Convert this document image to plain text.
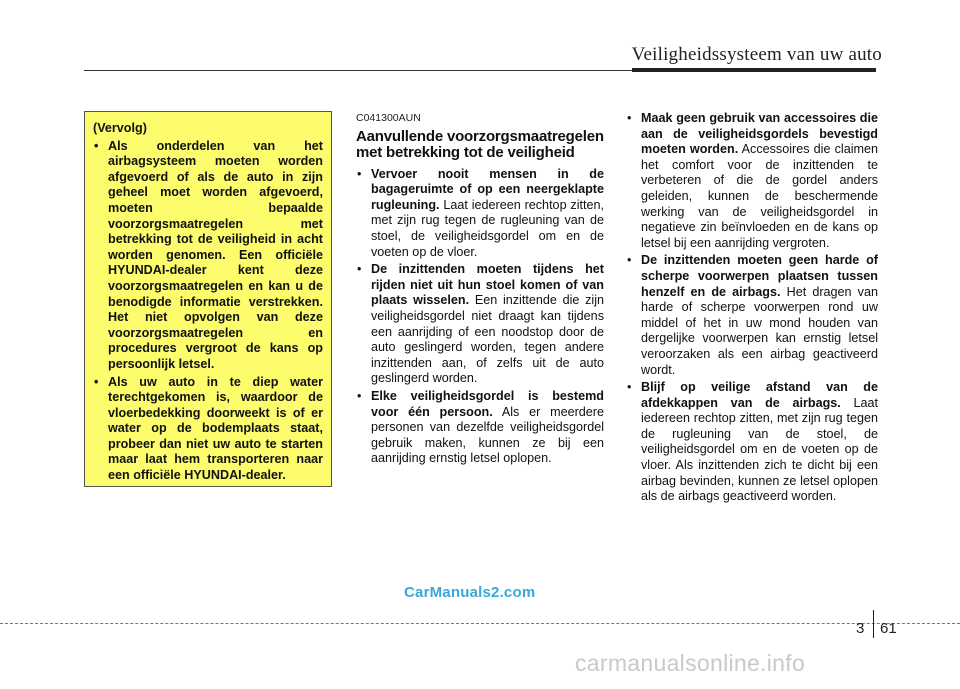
Veiligheidssysteem van uw auto
(Vervolg)
• Als onderdelen van het airbagsysteem moeten worden afgevoerd of als de auto in zijn geheel moet worden afgevoerd, moeten bepaalde voorzorgsmaatregelen met betrekking tot de veiligheid in acht worden genomen. Een officiële HYUNDAI-dealer kent deze voorzorgsmaatregelen en kan u de benodigde informatie verstrekken. Het niet opvolgen van deze voorzorgsmaatregelen en procedures vergroot de kans op persoonlijk letsel.
• Als uw auto in te diep water terechtgekomen is, waardoor de vloerbedekking doorweekt is of er water op de bodemplaats staat, probeer dan niet uw auto te starten maar laat hem transporteren naar een officiële HYUNDAI-dealer.
C041300AUN
Aanvullende voorzorgsmaatregelen met betrekking tot de veiligheid
• Vervoer nooit mensen in de bagageruimte of op een neergeklapte rugleuning. Laat iedereen rechtop zitten, met zijn rug tegen de rugleuning van de stoel, de veiligheidsgordel om en de voeten op de vloer.
• De inzittenden moeten tijdens het rijden niet uit hun stoel komen of van plaats wisselen. Een inzittende die zijn veiligheidsgordel niet draagt kan tijdens een aanrijding of een noodstop door de auto geslingerd worden, tegen andere inzittenden aan, of zelfs uit de auto geslingerd worden.
• Elke veiligheidsgordel is bestemd voor één persoon. Als er meerdere personen van dezelfde veiligheidsgordel gebruik maken, kunnen ze bij een aanrijding ernstig letsel oplopen.
• Maak geen gebruik van accessoires die aan de veiligheidsgordels bevestigd moeten worden. Accessoires die claimen het comfort voor de inzittenden te verbeteren of die de gordel anders geleiden, kunnen de beschermende werking van de veiligheidsgordel in negatieve zin beïnvloeden en de kans op letsel bij een aanrijding vergroten.
• De inzittenden moeten geen harde of scherpe voorwerpen plaatsen tussen henzelf en de airbags. Het dragen van harde of scherpe voorwerpen rond uw middel of het in uw mond houden van dergelijke voorwerpen kan ernstig letsel veroorzaken als een airbag geactiveerd wordt.
• Blijf op veilige afstand van de afdekkappen van de airbags. Laat iedereen rechtop zitten, met zijn rug tegen de rugleuning van de stoel, de veiligheidsgordel om en de voeten op de vloer. Als inzittenden zich te dicht bij een airbag bevinden, kunnen ze letsel oplopen als de airbags geactiveerd worden.
CarManuals2.com
3 61
carmanualsonline.info
